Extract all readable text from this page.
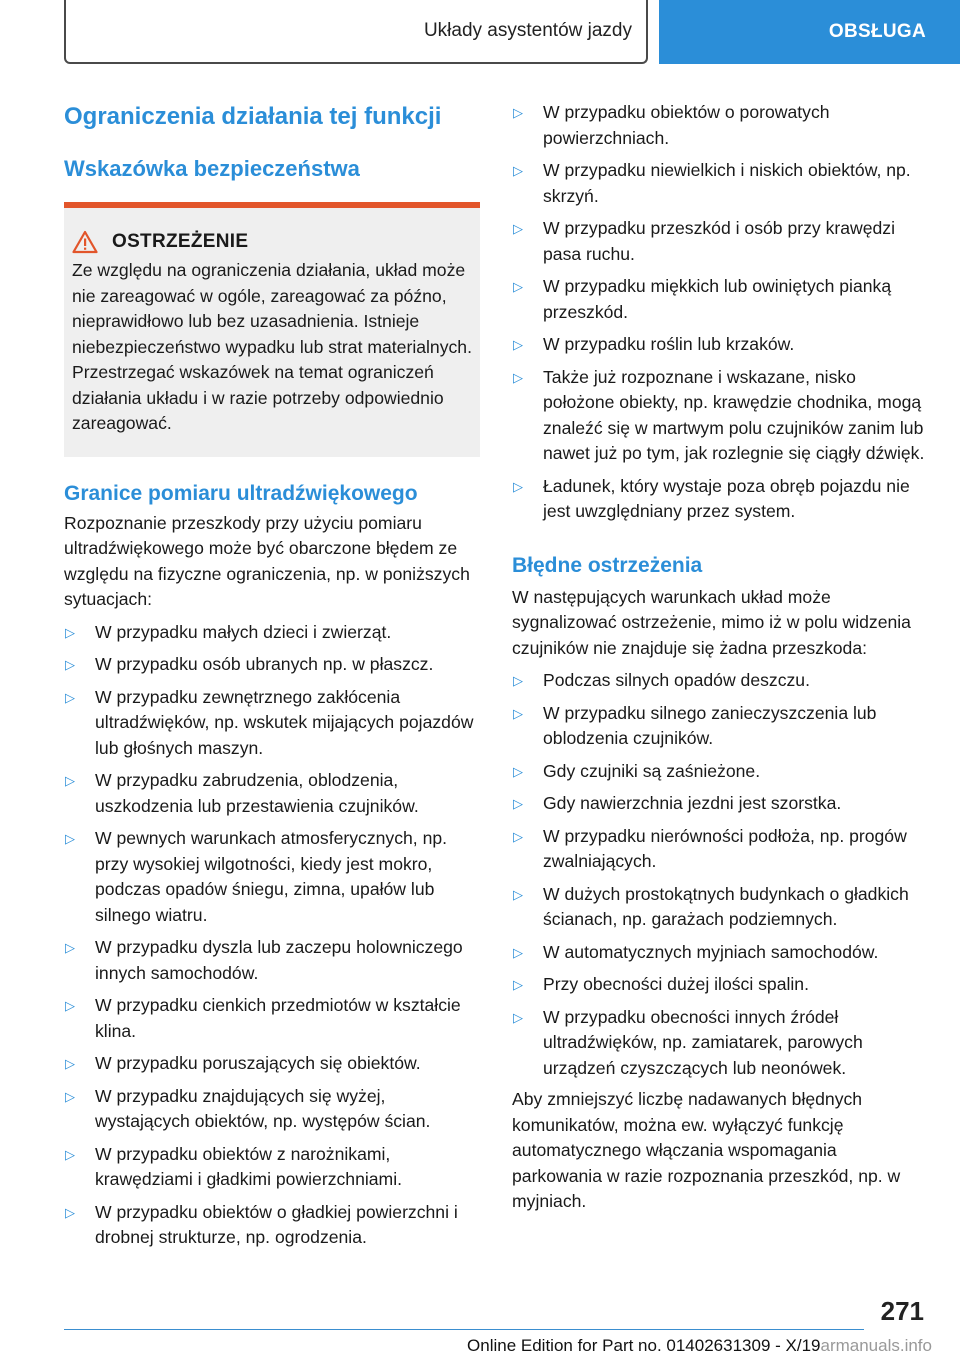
Układy asystentów jazdy	OBSŁUGA
Ograniczenia działania tej funkcji
Wskazówka bezpieczeństwa
OSTRZEŻENIE

Ze względu na ograniczenia działania, układ może nie zareagować w ogóle, zareagować za późno, nieprawidłowo lub bez uzasadnienia. Istnieje niebezpieczeństwo wypadku lub strat materialnych. Przestrzegać wskazówek na temat ograniczeń działania układu i w razie potrzeby odpowiednio zareagować.

Granice pomiaru ultradźwiękowego

Rozpoznanie przeszkody przy użyciu pomiaru ultradźwiękowego może być obarczone błędem ze względu na fizyczne ograniczenia, np. w poniższych sytuacjach:

▷	W przypadku małych dzieci i zwierząt.
▷	W przypadku osób ubranych np. w płaszcz.
▷	W przypadku zewnętrznego zakłócenia ultradźwięków, np. wskutek mijających pojazdów lub głośnych maszyn.
▷	W przypadku zabrudzenia, oblodzenia, uszkodzenia lub przestawienia czujników.
▷	W pewnych warunkach atmosferycznych, np. przy wysokiej wilgotności, kiedy jest mokro, podczas opadów śniegu, zimna, upałów lub silnego wiatru.
▷	W przypadku dyszla lub zaczepu holowniczego innych samochodów.
▷	W przypadku cienkich przedmiotów w kształcie klina.
▷	W przypadku poruszających się obiektów.
▷	W przypadku znajdujących się wyżej, wystających obiektów, np. występów ścian.
▷	W przypadku obiektów z narożnikami, krawędziami i gładkimi powierzchniami.
▷	W przypadku obiektów o gładkiej powierzchni i drobnej strukturze, np. ogrodzenia.
▷	W przypadku obiektów o porowatych powierzchniach.
▷	W przypadku niewielkich i niskich obiektów, np. skrzyń.
▷	W przypadku przeszkód i osób przy krawędzi pasa ruchu.
▷	W przypadku miękkich lub owiniętych pianką przeszkód.
▷	W przypadku roślin lub krzaków.
▷	Także już rozpoznane i wskazane, nisko położone obiekty, np. krawędzie chodnika, mogą znaleźć się w martwym polu czujników zanim lub nawet już po tym, jak rozlegnie się ciągły dźwięk.
▷	Ładunek, który wystaje poza obręb pojazdu nie jest uwzględniany przez system.
Błędne ostrzeżenia

W następujących warunkach układ może sygnalizować ostrzeżenie, mimo iż w polu widzenia czujników nie znajduje się żadna przeszkoda:

▷	Podczas silnych opadów deszczu.
▷	W przypadku silnego zanieczyszczenia lub oblodzenia czujników.
▷	Gdy czujniki są zaśnieżone.
▷	Gdy nawierzchnia jezdni jest szorstka.
▷	W przypadku nierówności podłoża, np. progów zwalniających.
▷	W dużych prostokątnych budynkach o gładkich ścianach, np. garażach podziemnych.
▷	W automatycznych myjniach samochodów.
▷	Przy obecności dużej ilości spalin.
▷	W przypadku obecności innych źródeł ultradźwięków, np. zamiatarek, parowych urządzeń czyszczących lub neonówek.

Aby zmniejszyć liczbę nadawanych błędnych komunikatów, można ew. wyłączyć funkcję automatycznego włączania wspomagania parkowania w razie rozpoznania przeszkód, np. w myjniach.

271
Online Edition for Part no. 01402631309 - X/19armanuals.info
